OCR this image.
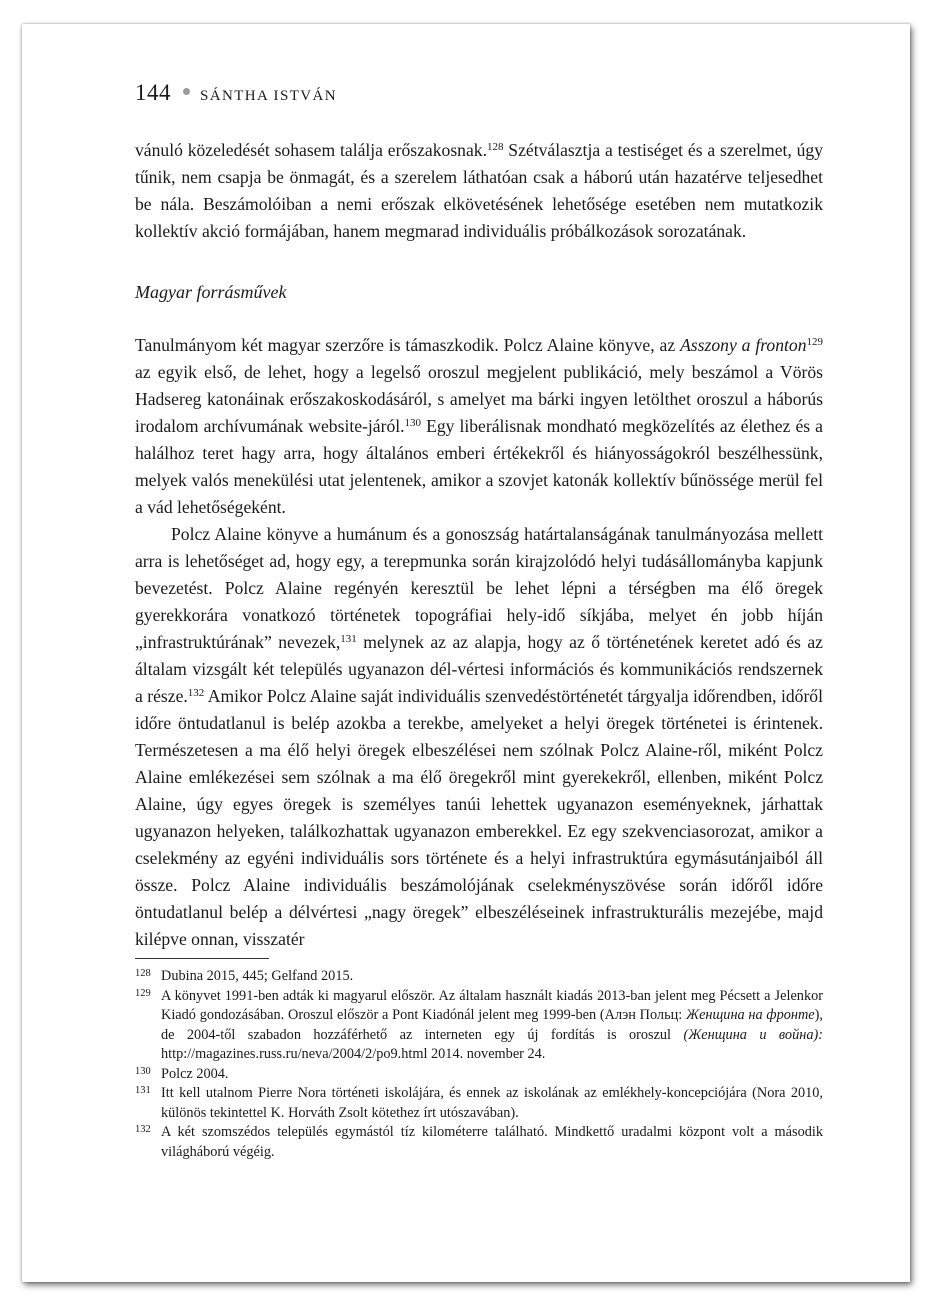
144 SÁNTHA ISTVÁN

vánuló közeledését sohasem találja erőszakosnak.$^{128}$ Szétválasztja a testiséget és a szerelmet, úgy tűnik, nem csapja be önmagát, és a szerelem láthatóan csak a háború után hazatérve teljesedhet be nála. Beszámolóiban a nemi erőszak elkövetésének lehetősége esetében nem mutatkozik kollektív akció formájában, hanem megmarad individuális próbálkozások sorozatának.

Magyar forrásművek

Tanulmányom két magyar szerzőre is támaszkodik. Polcz Alaine könyve, az Asszony a fronton$^{129}$ az egyik első, de lehet, hogy a legelső oroszul megjelent publikáció, mely beszámol a Vörös Hadsereg katonáinak erőszakoskodásáról, s amelyet ma bárki ingyen letölthet oroszul a háborús irodalom archívumának website-járól.$^{130}$ Egy liberálisnak mondható megközelítés az élethez és a halálhoz teret hagy arra, hogy általános emberi értékekről és hiányosságokról beszélhessünk, melyek valós menekülési utat jelentenek, amikor a szovjet katonák kollektív bűnössége merül fel a vád lehetőségeként.

Polcz Alaine könyve a humánum és a gonoszság határtalanságának tanulmányozása mellett arra is lehetőséget ad, hogy egy, a terepmunka során kirajzolódó helyi tudásállományba kapjunk bevezetést. Polcz Alaine regényén keresztül be lehet lépni a térségben ma élő öregek gyerekkorára vonatkozó történetek topográfiai hely-idő síkjába, melyet én jobb híján „infrastruktúrának” nevezek,$^{131}$ melynek az az alapja, hogy az ő történetének keretet adó és az általam vizsgált két település ugyanazon dél-vértesi információs és kommunikációs rendszernek a része.$^{132}$ Amikor Polcz Alaine saját individuális szenvedéstörténetét tárgyalja időrendben, időről időre öntudatlanul is belép azokba a terekbe, amelyeket a helyi öregek történetei is érintenek. Természetesen a ma élő helyi öregek elbeszélései nem szólnak Polcz Alaine-ről, miként Polcz Alaine emlékezései sem szólnak a ma élő öregekről mint gyerekekről, ellenben, miként Polcz Alaine, úgy egyes öregek is személyes tanúi lehettek ugyanazon eseményeknek, járhattak ugyanazon helyeken, találkozhattak ugyanazon emberekkel. Ez egy szekvenciasorozat, amikor a cselekmény az egyéni individuális sors története és a helyi infrastruktúra egymásutánjaiból áll össze. Polcz Alaine individuális beszámolójának cselekményszövése során időről időre öntudatlanul belép a délvértesi „nagy öregek” elbeszéléseinek infrastrukturális mezejébe, majd kilépve onnan, visszatér

128 Dubina 2015, 445; Gelfand 2015.
129 A könyvet 1991-ben adták ki magyarul először. Az általam használt kiadás 2013-ban jelent meg Pécsett a Jelenkor Kiadó gondozásában. Oroszul először a Pont Kiadónál jelent meg 1999-ben (Алэн Польц: Женщина на фронте), de 2004-től szabadon hozzáférhető az interneten egy új fordítás is oroszul (Женщина и война): http://magazines.russ.ru/neva/2004/2/po9.html 2014. november 24.
130 Polcz 2004.
131 Itt kell utalnom Pierre Nora történeti iskolájára, és ennek az iskolának az emlékhely-koncepciójára (Nora 2010, különös tekintettel K. Horváth Zsolt kötethez írt utószavában).
132 A két szomszédos település egymástól tíz kilométerre található. Mindkettő uradalmi központ volt a második világháború végéig.
